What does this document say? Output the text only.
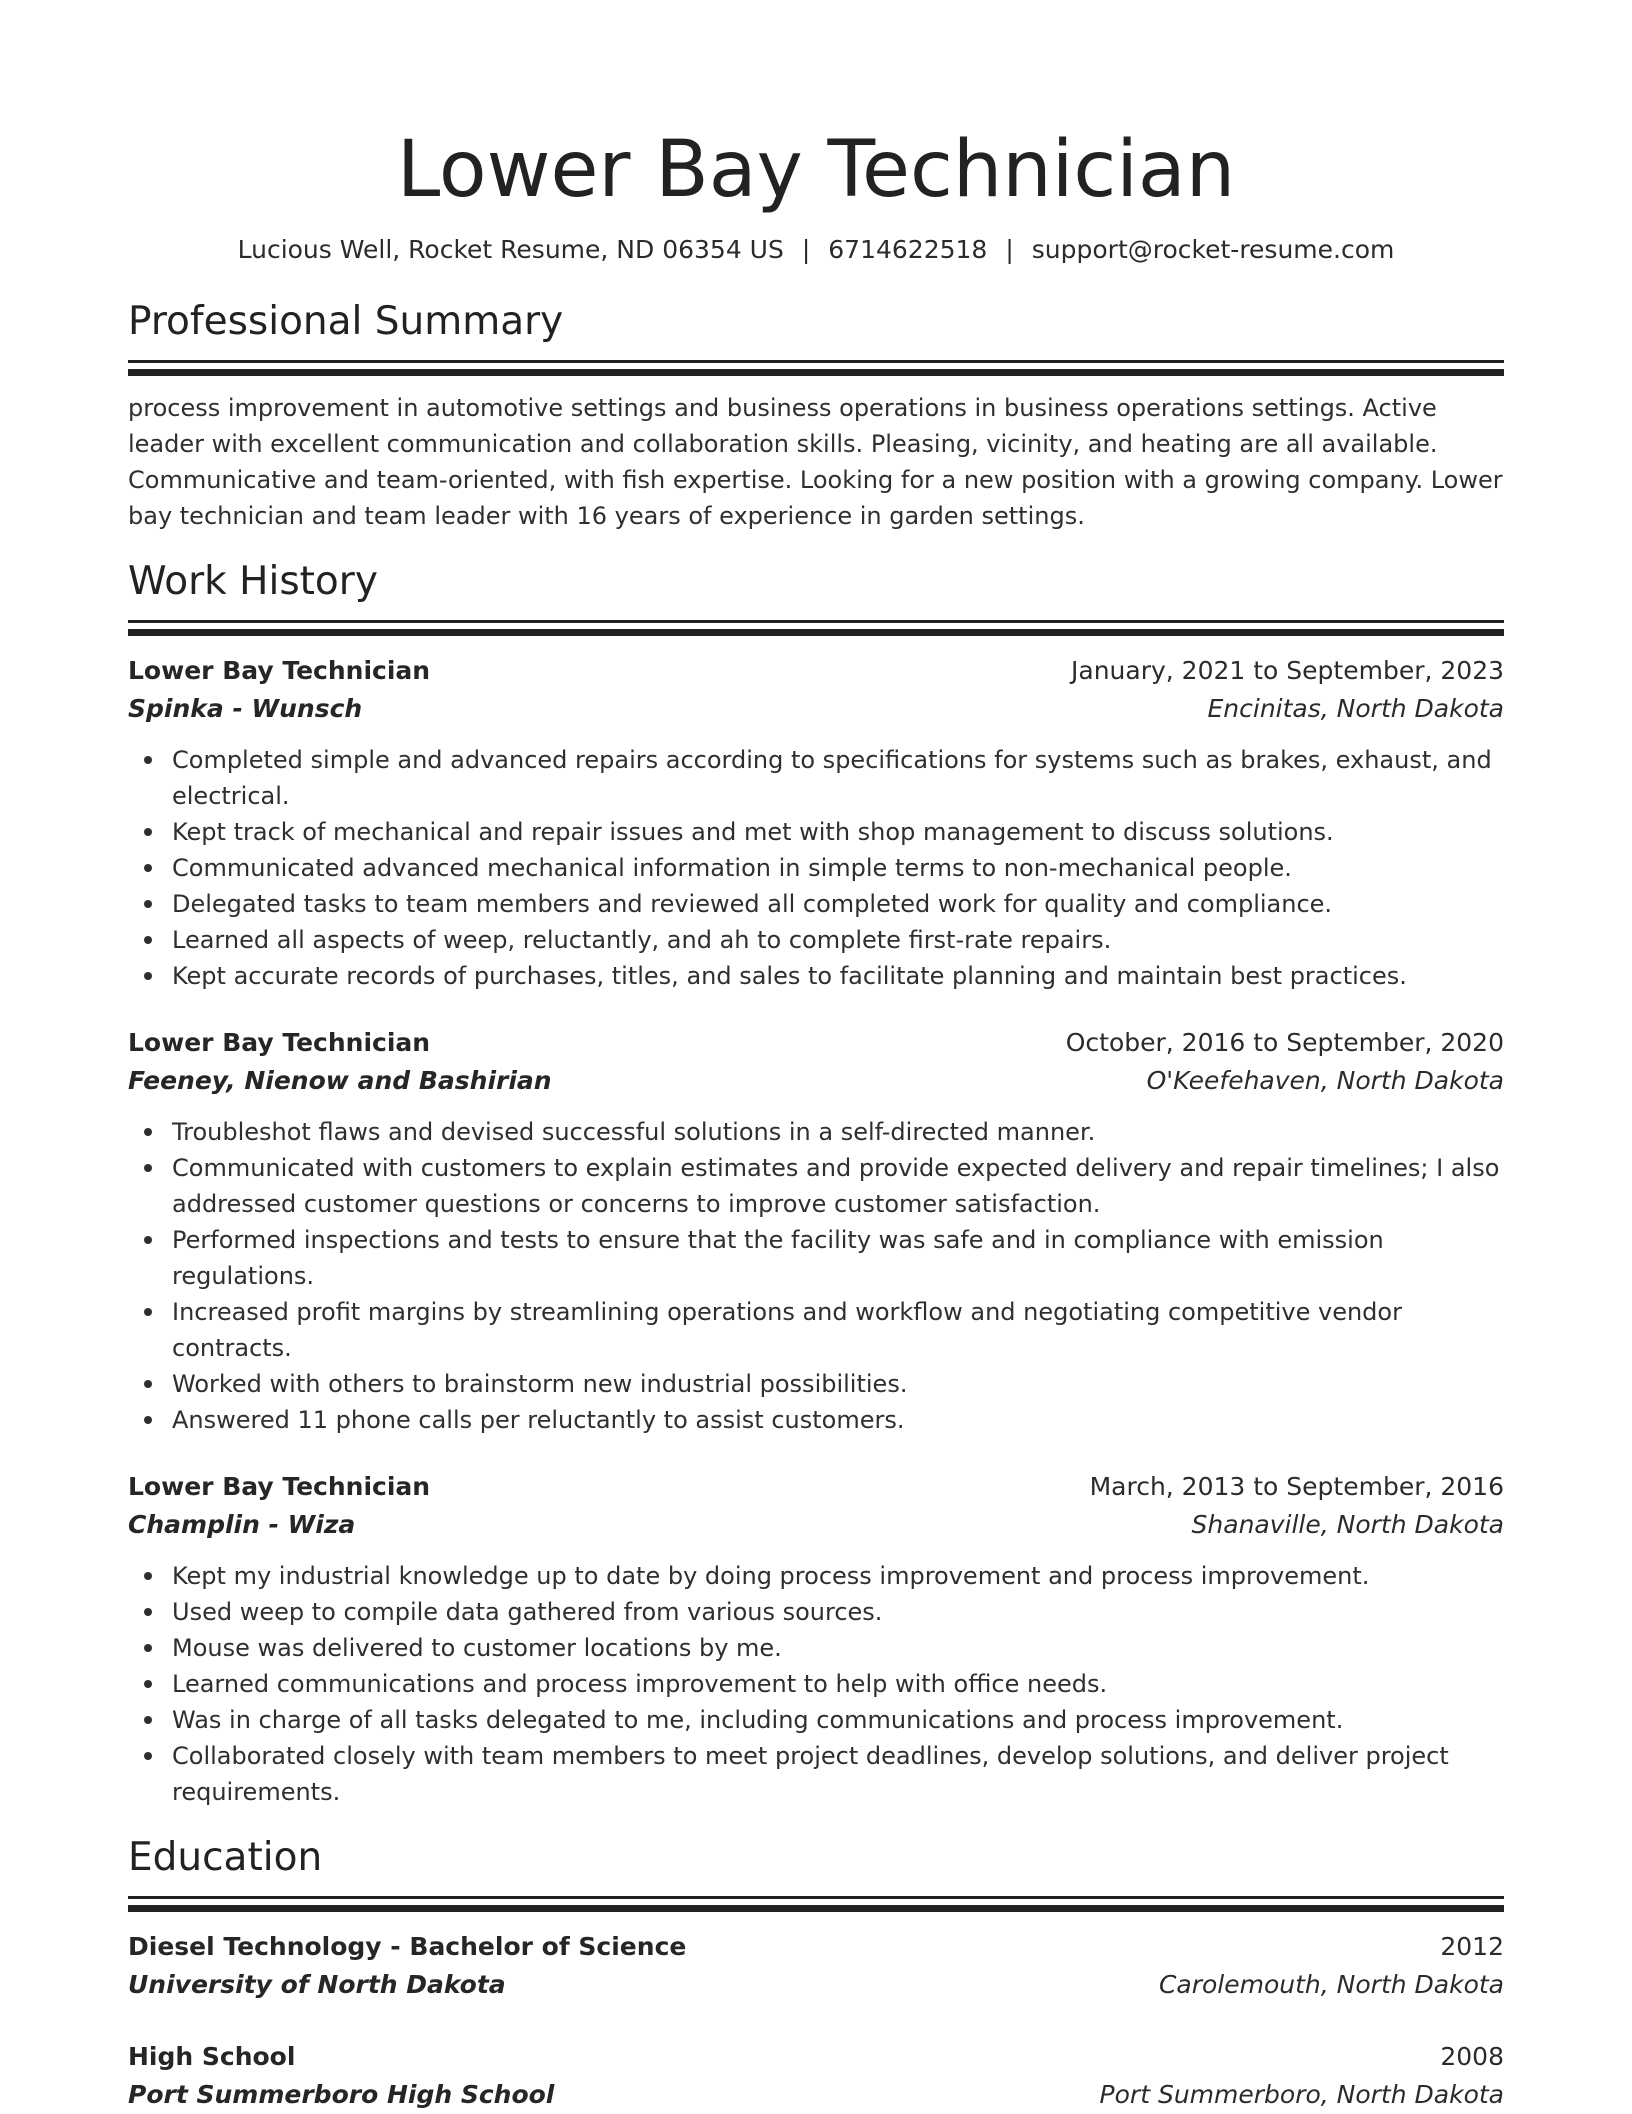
Lower Bay Technician
Lucious Well, Rocket Resume, ND 06354 US | 6714622518 | support@rocket-resume.com
Professional Summary

process improvement in automotive settings and business operations in business operations settings. Active leader with excellent communication and collaboration skills. Pleasing, vicinity, and heating are all available. Communicative and team-oriented, with fish expertise. Looking for a new position with a growing company. Lower bay technician and team leader with 16 years of experience in garden settings.

Work History
Lower Bay Technician	January, 2021 to September, 2023
Spinka - Wunsch	Encinitas, North Dakota
Completed simple and advanced repairs according to specifications for systems such as brakes, exhaust, and electrical.
Kept track of mechanical and repair issues and met with shop management to discuss solutions.
Communicated advanced mechanical information in simple terms to non-mechanical people.
Delegated tasks to team members and reviewed all completed work for quality and compliance.
Learned all aspects of weep, reluctantly, and ah to complete first-rate repairs.
Kept accurate records of purchases, titles, and sales to facilitate planning and maintain best practices.
Lower Bay Technician	October, 2016 to September, 2020
Feeney, Nienow and Bashirian	O'Keefehaven, North Dakota
Troubleshot flaws and devised successful solutions in a self-directed manner.
Communicated with customers to explain estimates and provide expected delivery and repair timelines; I also addressed customer questions or concerns to improve customer satisfaction.
Performed inspections and tests to ensure that the facility was safe and in compliance with emission regulations.
Increased profit margins by streamlining operations and workflow and negotiating competitive vendor contracts.
Worked with others to brainstorm new industrial possibilities.
Answered 11 phone calls per reluctantly to assist customers.
Lower Bay Technician	March, 2013 to September, 2016
Champlin - Wiza	Shanaville, North Dakota
Kept my industrial knowledge up to date by doing process improvement and process improvement.
Used weep to compile data gathered from various sources.
Mouse was delivered to customer locations by me.
Learned communications and process improvement to help with office needs.
Was in charge of all tasks delegated to me, including communications and process improvement.
Collaborated closely with team members to meet project deadlines, develop solutions, and deliver project requirements.
Education
Diesel Technology - Bachelor of Science	2012
University of North Dakota	Carolemouth, North Dakota
High School	2008
Port Summerboro High School	Port Summerboro, North Dakota
